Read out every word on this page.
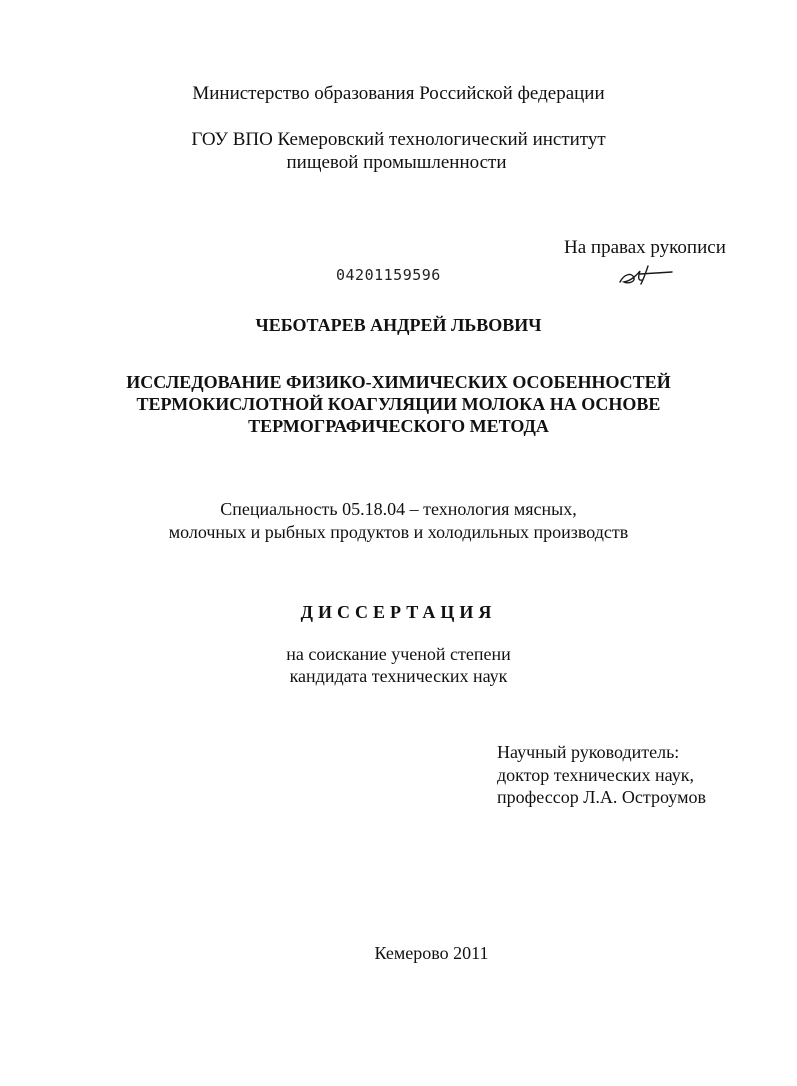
Министерство образования Российской федерации
ГОУ ВПО Кемеровский технологический институт
пищевой промышленности
На правах рукописи
04201159596
ЧЕБОТАРЕВ АНДРЕЙ ЛЬВОВИЧ
ИССЛЕДОВАНИЕ ФИЗИКО-ХИМИЧЕСКИХ ОСОБЕННОСТЕЙ
ТЕРМОКИСЛОТНОЙ КОАГУЛЯЦИИ МОЛОКА НА ОСНОВЕ
ТЕРМОГРАФИЧЕСКОГО МЕТОДА
Специальность 05.18.04 – технология мясных,
молочных и рыбных продуктов и холодильных производств
ДИССЕРТАЦИЯ
на соискание ученой степени
кандидата технических наук
Научный руководитель:
доктор технических наук,
профессор Л.А. Остроумов
Кемерово 2011
